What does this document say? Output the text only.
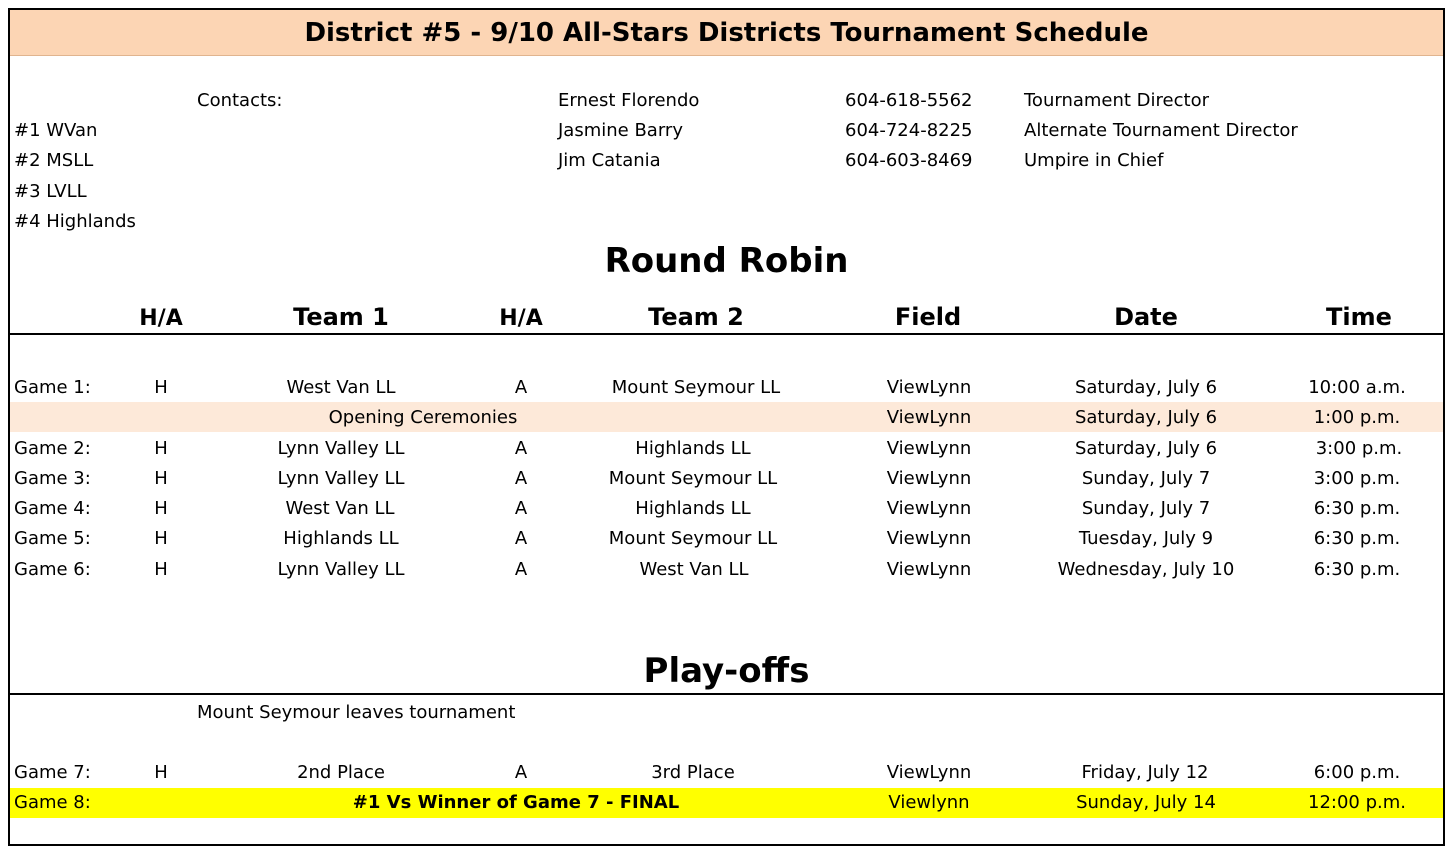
District #5 - 9/10 All-Stars Districts Tournament Schedule
Contacts:
#1 WVan
#2 MSLL
#3 LVLL
#4 Highlands
Ernest Florendo	604-618-5562	Tournament Director
Jasmine Barry	604-724-8225	Alternate Tournament Director
Jim Catania	604-603-8469	Umpire in Chief
Round Robin
H/A	Team 1	H/A	Team 2	Field	Date	Time
Game 1:	H	West Van LL	A	Mount Seymour LL	ViewLynn	Saturday, July 6	10:00 a.m.
Opening Ceremonies	ViewLynn	Saturday, July 6	1:00 p.m.
Game 2:	H	Lynn Valley LL	A	Highlands LL	ViewLynn	Saturday, July 6	3:00 p.m.
Game 3:	H	Lynn Valley LL	A	Mount Seymour LL	ViewLynn	Sunday, July 7	3:00 p.m.
Game 4:	H	West Van LL	A	Highlands LL	ViewLynn	Sunday, July 7	6:30 p.m.
Game 5:	H	Highlands LL	A	Mount Seymour LL	ViewLynn	Tuesday, July 9	6:30 p.m.
Game 6:	H	Lynn Valley LL	A	West Van LL	ViewLynn	Wednesday, July 10	6:30 p.m.
Play-offs
Mount Seymour leaves tournament
Game 7:	H	2nd Place	A	3rd Place	ViewLynn	Friday, July 12	6:00 p.m.
Game 8:	#1 Vs Winner of Game 7 - FINAL	Viewlynn	Sunday, July 14	12:00 p.m.
